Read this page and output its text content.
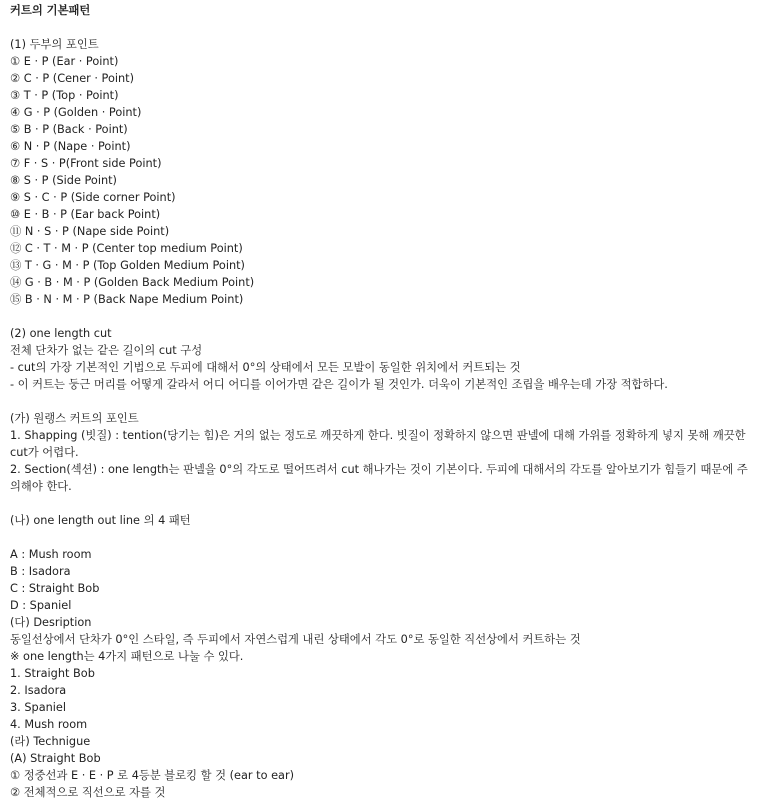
커트의 기본패턴
(1) 두부의 포인트
① E · P (Ear · Point)
② C · P (Cener · Point)
③ T · P (Top · Point)
④ G · P (Golden · Point)
⑤ B · P (Back · Point)
⑥ N · P (Nape · Point)
⑦ F · S · P(Front side Point)
⑧ S · P (Side Point)
⑨ S · C · P (Side corner Point)
⑩ E · B · P (Ear back Point)
⑪ N · S · P (Nape side Point)
⑫ C · T · M · P (Center top medium Point)
⑬ T · G · M · P (Top Golden Medium Point)
⑭ G · B · M · P (Golden Back Medium Point)
⑮ B · N · M · P (Back Nape Medium Point)
(2) one length cut
전체 단차가 없는 같은 길이의 cut 구성
- cut의 가장 기본적인 기법으로 두피에 대해서 0°의 상태에서 모든 모발이 동일한 위치에서 커트되는 것
- 이 커트는 둥근 머리를 어떻게 갈라서 어디 어디를 이어가면 같은 길이가 될 것인가. 더욱이 기본적인 조립을 배우는데 가장 적합하다.
(가) 원랭스 커트의 포인트
1. Shapping (빗질) : tention(당기는 힘)은 거의 없는 정도로 깨끗하게 한다. 빗질이 정확하지 않으면 판넬에 대해 가위를 정확하게 넣지 못해 깨끗한 cut가 어렵다.
2. Section(섹션) : one length는 판넬을 0°의 각도로 떨어뜨려서 cut 해나가는 것이 기본이다. 두피에 대해서의 각도를 알아보기가 힘들기 때문에 주의해야 한다.
(나) one length out line 의 4 패턴
A : Mush room
B : Isadora
C : Straight Bob
D : Spaniel
(다) Desription
동일선상에서 단차가 0°인 스타일, 즉 두피에서 자연스럽게 내린 상태에서 각도 0°로 동일한 직선상에서 커트하는 것
※ one length는 4가지 패턴으로 나눌 수 있다.
1. Straight Bob
2. Isadora
3. Spaniel
4. Mush room
(라) Technigue
(A) Straight Bob
① 정중선과 E · E · P 로 4등분 블로킹 할 것 (ear to ear)
② 전체적으로 직선으로 자를 것
